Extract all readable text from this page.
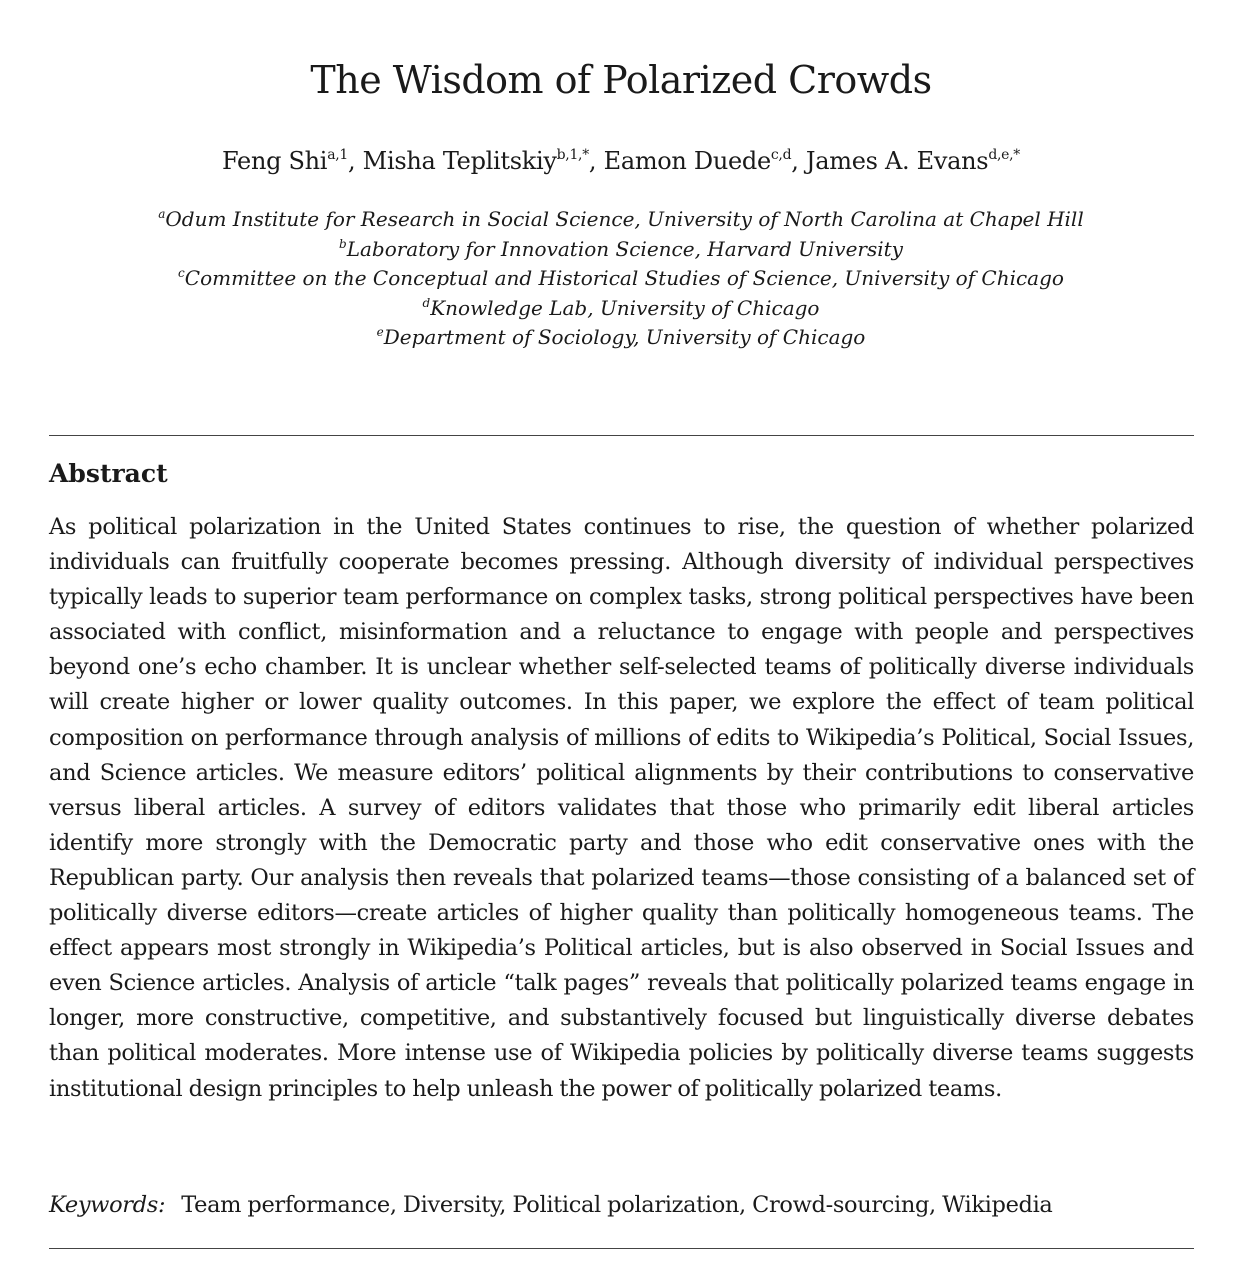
The Wisdom of Polarized Crowds
Feng Shi$^{a,1}$, Misha Teplitskiy$^{b,1,*}$, Eamon Duede$^{c,d}$, James A. Evans$^{d,e,*}$
$^a$Odum Institute for Research in Social Science, University of North Carolina at Chapel Hill
$^b$Laboratory for Innovation Science, Harvard University
$^c$Committee on the Conceptual and Historical Studies of Science, University of Chicago
$^d$Knowledge Lab, University of Chicago
$^e$Department of Sociology, University of Chicago
Abstract

As political polarization in the United States continues to rise, the question of whether polarized individuals can fruitfully cooperate becomes pressing. Although diversity of individual perspectives typically leads to superior team performance on complex tasks, strong political perspectives have been associated with conflict, misinformation and a reluctance to engage with people and perspectives beyond one’s echo chamber. It is unclear whether self-selected teams of politically diverse individuals will create higher or lower quality outcomes. In this paper, we explore the effect of team political composition on performance through analysis of millions of edits to Wikipedia’s Political, Social Issues, and Science articles. We measure editors’ political alignments by their contributions to conservative versus liberal articles. A survey of editors validates that those who primarily edit liberal articles identify more strongly with the Democratic party and those who edit conservative ones with the Republican party. Our analysis then reveals that polarized teams—those consisting of a balanced set of politically diverse editors—create articles of higher quality than politically homogeneous teams. The effect appears most strongly in Wikipedia’s Political articles, but is also observed in Social Issues and even Science articles. Analysis of article “talk pages” reveals that politically polarized teams engage in longer, more constructive, competitive, and substantively focused but linguistically diverse debates than political moderates. More intense use of Wikipedia policies by politically diverse teams suggests institutional design principles to help unleash the power of politically polarized teams.

Keywords: Team performance, Diversity, Political polarization, Crowd-sourcing, Wikipedia
